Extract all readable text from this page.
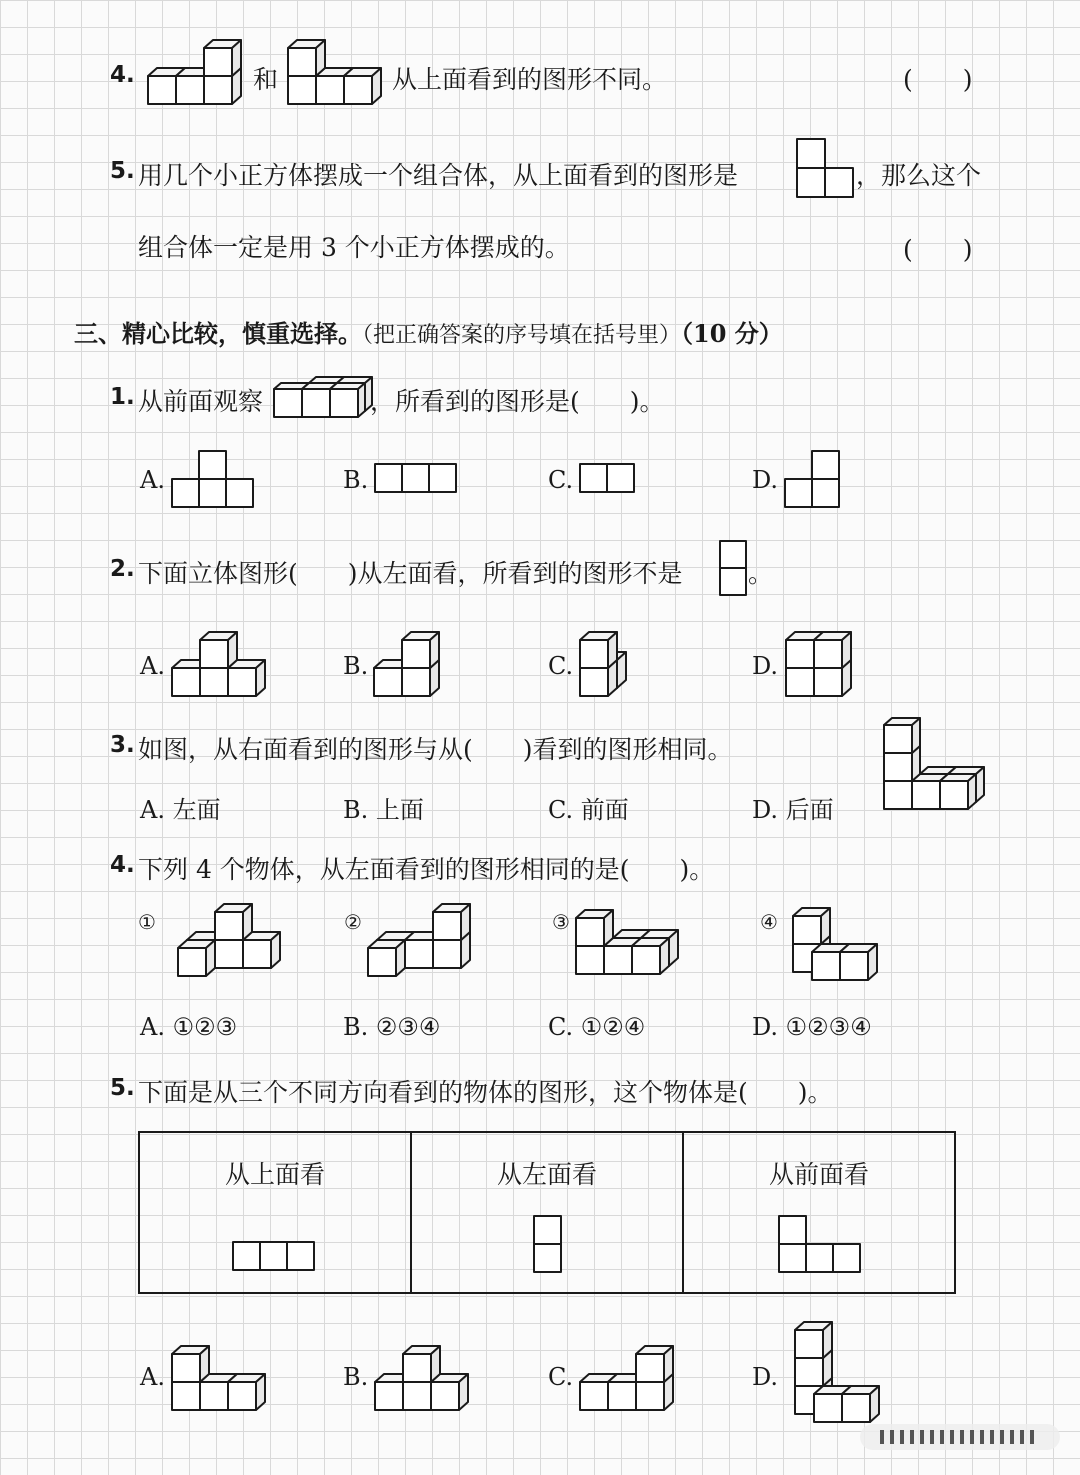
4.	和	从上面看到的图形不同。	(　　)
5. 用几个小正方体摆成一个组合体，从上面看到的图形是	，那么这个
组合体一定是用 3 个小正方体摆成的。	(　　)
三、精心比较，慎重选择。（把正确答案的序号填在括号里）（10 分）
1. 从前面观察	，所看到的图形是(　　)。
A.	B.	C.	D.
2. 下面立体图形(　　)从左面看，所看到的图形不是	。
A.	B.	C.	D.
3. 如图，从右面看到的图形与从(　　)看到的图形相同。
A. 左面	B. 上面	C. 前面	D. 后面
4. 下列 4 个物体，从左面看到的图形相同的是(　　)。
①	②	③	④
A. ①②③	B. ②③④	C. ①②④	D. ①②③④
5. 下面是从三个不同方向看到的物体的图形，这个物体是(　　)。
从上面看	从左面看	从前面看
A.	B.	C.	D.
